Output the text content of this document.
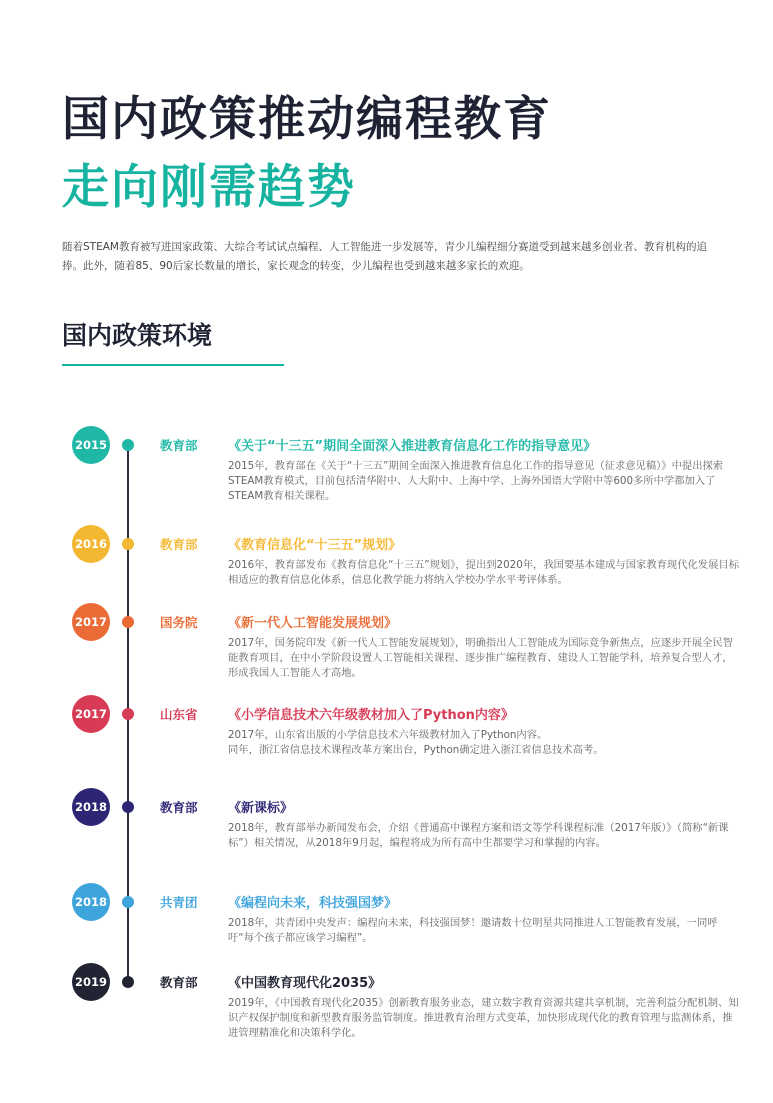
国内政策推动编程教育
走向刚需趋势
随着STEAM教育被写进国家政策、大综合考试试点编程、人工智能进一步发展等，青少儿编程细分赛道受到越来越多创业者、教育机构的追捧。此外，随着85、90后家长数量的增长，家长观念的转变，少儿编程也受到越来越多家长的欢迎。
国内政策环境
2015	教育部 《关于“十三五”期间全面深入推进教育信息化工作的指导意见》

2015年，教育部在《关于“十三五”期间全面深入推进教育信息化工作的指导意见（征求意见稿）》中提出探索STEAM教育模式，目前包括清华附中、人大附中、上海中学、上海外国语大学附中等600多所中学都加入了STEAM教育相关课程。

2016	教育部 《教育信息化“十三五”规划》

2016年，教育部发布《教育信息化“十三五”规划》，提出到2020年，我国要基本建成与国家教育现代化发展目标相适应的教育信息化体系，信息化教学能力将纳入学校办学水平考评体系。

2017	国务院 《新一代人工智能发展规划》

2017年，国务院印发《新一代人工智能发展规划》，明确指出人工智能成为国际竞争新焦点，应逐步开展全民智能教育项目，在中小学阶段设置人工智能相关课程、逐步推广编程教育、建设人工智能学科，培养复合型人才，形成我国人工智能人才高地。

2017	山东省 《小学信息技术六年级教材加入了Python内容》

2017年，山东省出版的小学信息技术六年级教材加入了Python内容。

同年，浙江省信息技术课程改革方案出台，Python确定进入浙江省信息技术高考。

2018	教育部 《新课标》

2018年，教育部举办新闻发布会，介绍《普通高中课程方案和语文等学科课程标准（2017年版）》（简称“新课标”）相关情况，从2018年9月起，编程将成为所有高中生都要学习和掌握的内容。

2018	共青团 《编程向未来，科技强国梦》

2018年，共青团中央发声：编程向未来，科技强国梦！邀请数十位明星共同推进人工智能教育发展，一同呼吁“每个孩子都应该学习编程”。

2019	教育部 《中国教育现代化2035》

2019年，《中国教育现代化2035》创新教育服务业态，建立数字教育资源共建共享机制，完善利益分配机制、知识产权保护制度和新型教育服务监管制度。推进教育治理方式变革，加快形成现代化的教育管理与监测体系，推进管理精准化和决策科学化。
